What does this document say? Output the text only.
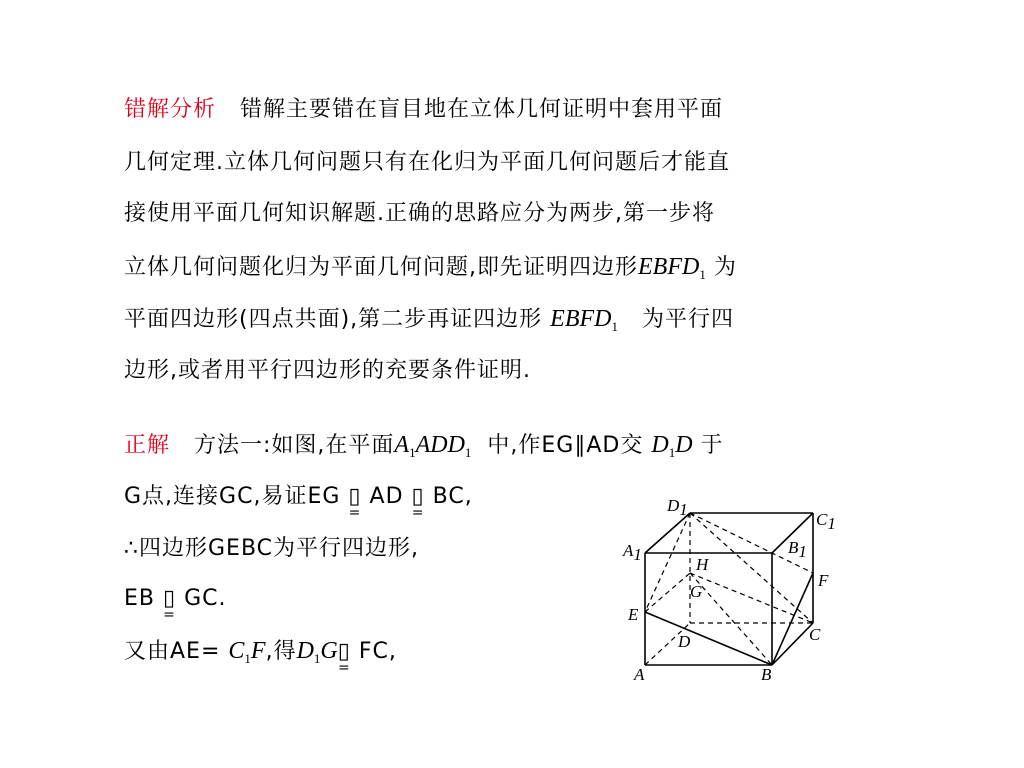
错解分析 错解主要错在盲目地在立体几何证明中套用平面
几何定理.立体几何问题只有在化归为平面几何问题后才能直
接使用平面几何知识解题.正确的思路应分为两步,第一步将
立体几何问题化归为平面几何问题,即先证明四边形$EBFD_1$ 为
平面四边形(四点共面),第二步再证四边形 $EBFD_1$ 为平行四
边形,或者用平行四边形的充要条件证明.
正解 方法一:如图,在平面$A_1ADD_1$ 中,作EG∥AD交 $D_1D$ 于
G点,连接GC,易证EG ▯
=
AD ▯
=
BC,
∴四边形GEBC为平行四边形,
EB ▯
=
GC.
又由$AE= C_1F$,得$D_1G▯$
=
FC,
D1
C1
A1	B1
H
G
F
E
D	C
A	B
